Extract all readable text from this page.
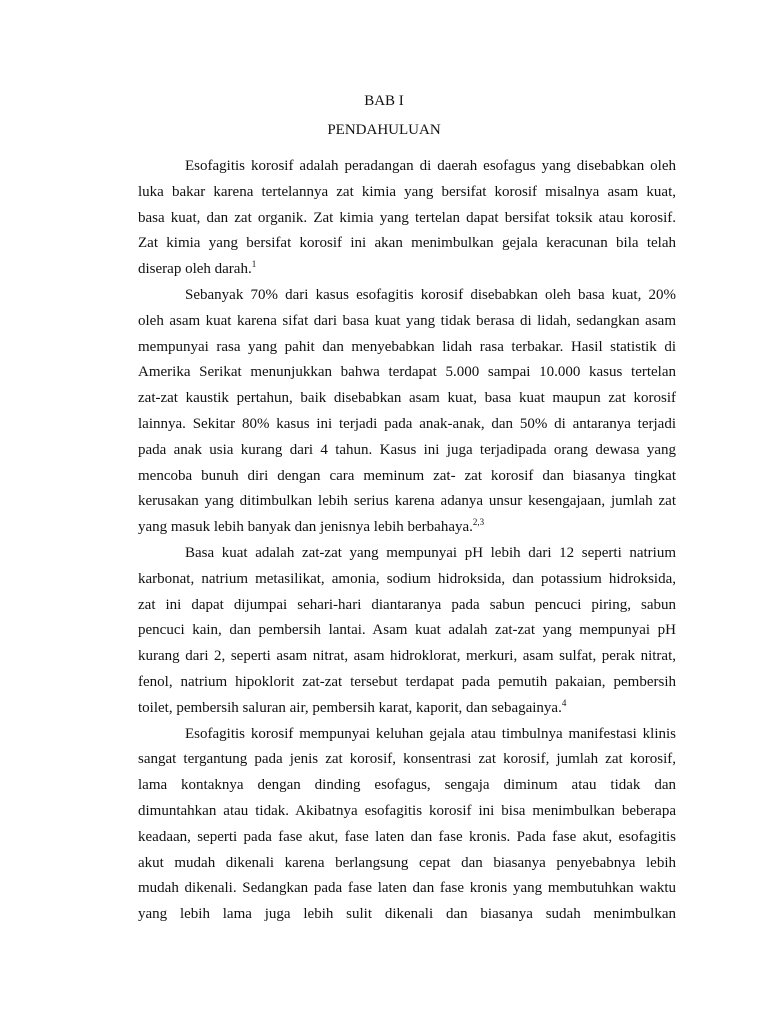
BAB I
PENDAHULUAN
Esofagitis korosif adalah peradangan di daerah esofagus yang disebabkan oleh
luka bakar karena tertelannya zat kimia yang bersifat korosif misalnya asam kuat,
basa kuat, dan zat organik. Zat kimia yang tertelan dapat bersifat toksik atau korosif.
Zat kimia yang bersifat korosif ini akan menimbulkan gejala keracunan bila telah
diserap oleh darah.$^1$
Sebanyak 70% dari kasus esofagitis korosif disebabkan oleh basa kuat, 20%
oleh asam kuat karena sifat dari basa kuat yang tidak berasa di lidah, sedangkan asam
mempunyai rasa yang pahit dan menyebabkan lidah rasa terbakar. Hasil statistik di
Amerika Serikat menunjukkan bahwa terdapat 5.000 sampai 10.000 kasus tertelan
zat-zat kaustik pertahun, baik disebabkan asam kuat, basa kuat maupun zat korosif
lainnya. Sekitar 80% kasus ini terjadi pada anak-anak, dan 50% di antaranya terjadi
pada anak usia kurang dari 4 tahun. Kasus ini juga terjadipada orang dewasa yang
mencoba bunuh diri dengan cara meminum zat- zat korosif dan biasanya tingkat
kerusakan yang ditimbulkan lebih serius karena adanya unsur kesengajaan, jumlah zat
yang masuk lebih banyak dan jenisnya lebih berbahaya.$^{2,3}$
Basa kuat adalah zat-zat yang mempunyai pH lebih dari 12 seperti natrium
karbonat, natrium metasilikat, amonia, sodium hidroksida, dan potassium hidroksida,
zat ini dapat dijumpai sehari-hari diantaranya pada sabun pencuci piring, sabun
pencuci kain, dan pembersih lantai. Asam kuat adalah zat-zat yang mempunyai pH
kurang dari 2, seperti asam nitrat, asam hidroklorat, merkuri, asam sulfat, perak nitrat,
fenol, natrium hipoklorit zat-zat tersebut terdapat pada pemutih pakaian, pembersih
toilet, pembersih saluran air, pembersih karat, kaporit, dan sebagainya.$^4$
Esofagitis korosif mempunyai keluhan gejala atau timbulnya manifestasi klinis
sangat tergantung pada jenis zat korosif, konsentrasi zat korosif, jumlah zat korosif,
lama kontaknya dengan dinding esofagus, sengaja diminum atau tidak dan
dimuntahkan atau tidak. Akibatnya esofagitis korosif ini bisa menimbulkan beberapa
keadaan, seperti pada fase akut, fase laten dan fase kronis. Pada fase akut, esofagitis
akut mudah dikenali karena berlangsung cepat dan biasanya penyebabnya lebih
mudah dikenali. Sedangkan pada fase laten dan fase kronis yang membutuhkan waktu
yang lebih lama juga lebih sulit dikenali dan biasanya sudah menimbulkan
